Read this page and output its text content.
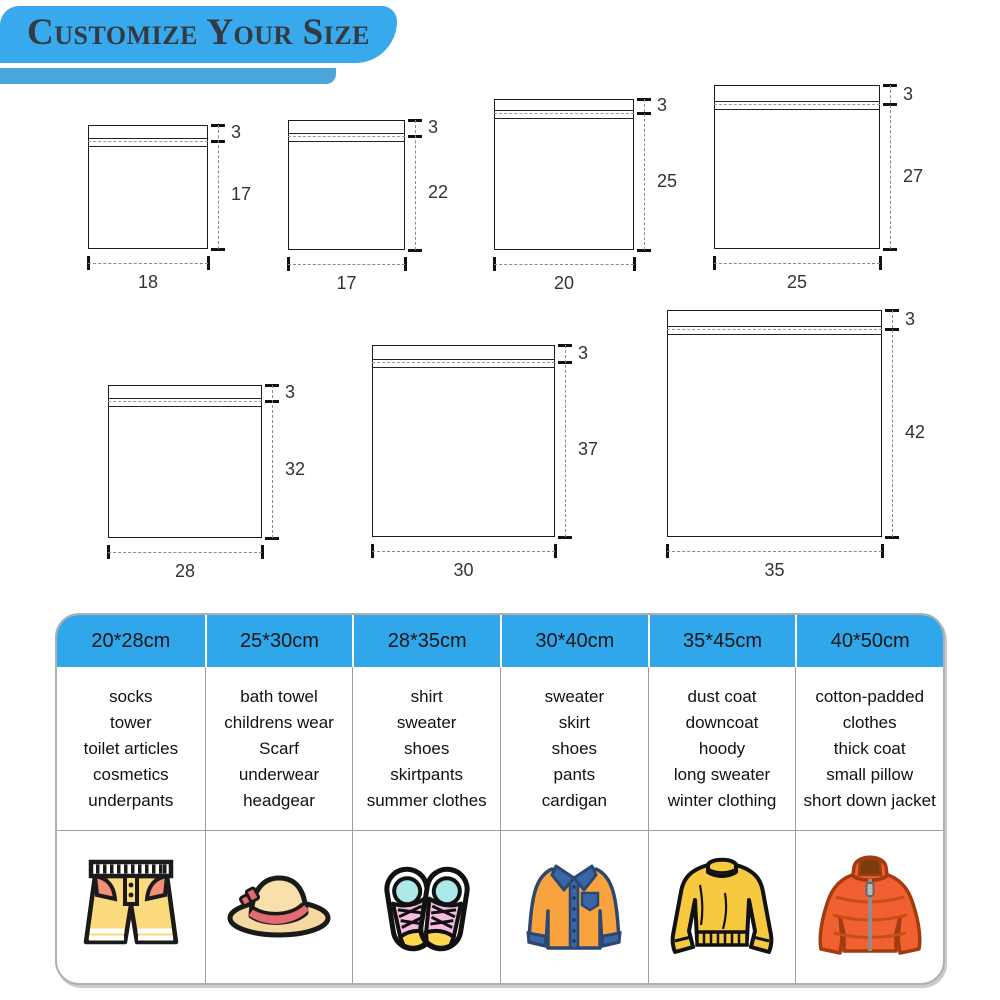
Customize Your Size
3
17
18
3
22
17
3
25
20
3
27
25
3
32
28
3
37
30
3
42
35
20*28cm
socks
tower
toilet articles
cosmetics
underpants
25*30cm
bath towel
childrens wear
Scarf
underwear
headgear
28*35cm
shirt
sweater
shoes
skirtpants
summer clothes
30*40cm
sweater
skirt
shoes
pants
cardigan
35*45cm
dust coat
downcoat
hoody
long sweater
winter clothing
40*50cm
cotton-padded clothes
thick coat
small pillow
short down jacket
